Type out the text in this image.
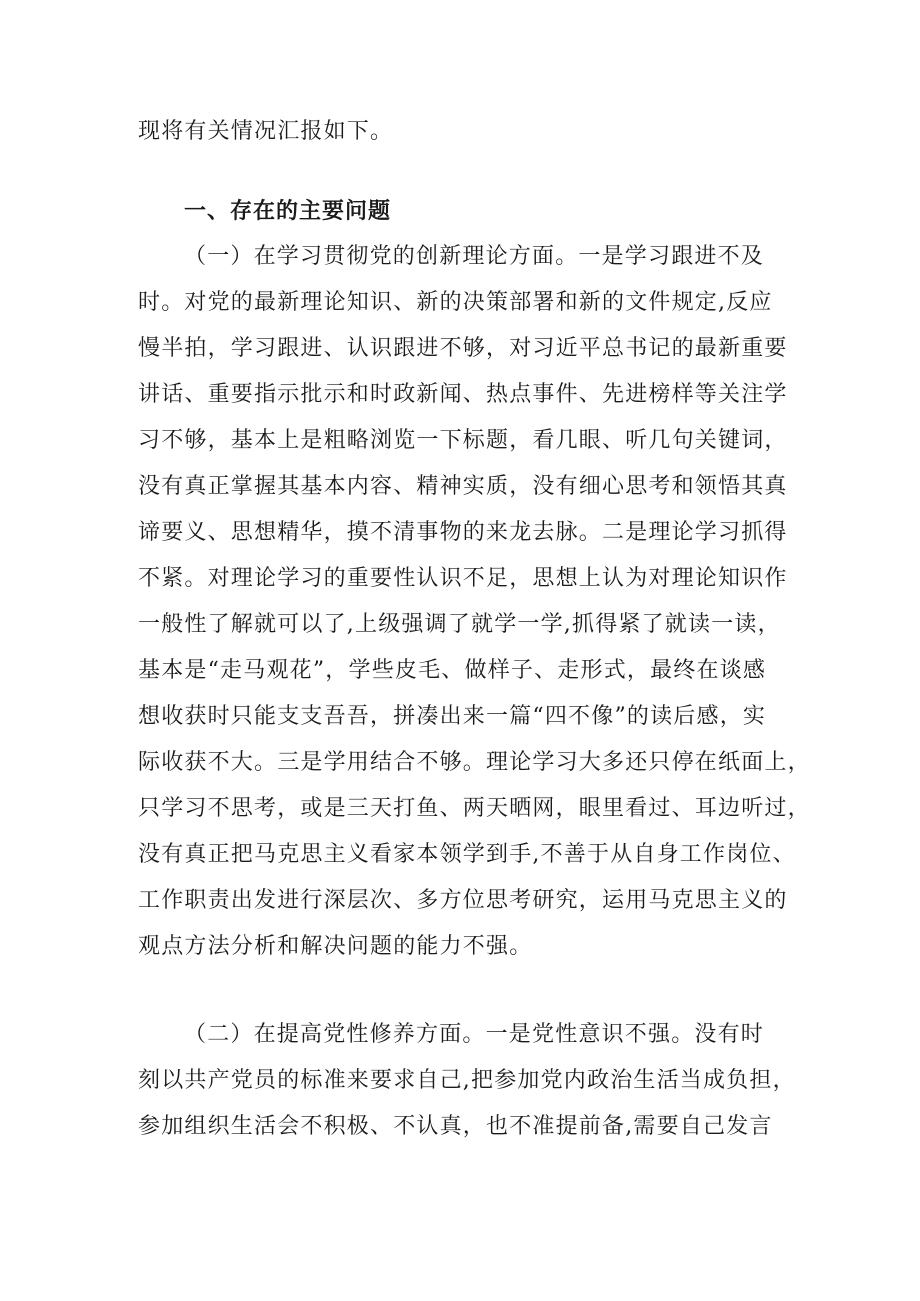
现将有关情况汇报如下。
一、存在的主要问题
（一）在学习贯彻党的创新理论方面。一是学习跟进不及
时。对党的最新理论知识、新的决策部署和新的文件规定,反应
慢半拍，学习跟进、认识跟进不够，对习近平总书记的最新重要
讲话、重要指示批示和时政新闻、热点事件、先进榜样等关注学
习不够，基本上是粗略浏览一下标题，看几眼、听几句关键词，
没有真正掌握其基本内容、精神实质，没有细心思考和领悟其真
谛要义、思想精华，摸不清事物的来龙去脉。二是理论学习抓得
不紧。对理论学习的重要性认识不足，思想上认为对理论知识作
一般性了解就可以了,上级强调了就学一学,抓得紧了就读一读，
基本是“走马观花”，学些皮毛、做样子、走形式，最终在谈感
想收获时只能支支吾吾，拼凑出来一篇“四不像”的读后感，实
际收获不大。三是学用结合不够。理论学习大多还只停在纸面上，
只学习不思考，或是三天打鱼、两天晒网，眼里看过、耳边听过，
没有真正把马克思主义看家本领学到手,不善于从自身工作岗位、
工作职责出发进行深层次、多方位思考研究，运用马克思主义的
观点方法分析和解决问题的能力不强。
（二）在提高党性修养方面。一是党性意识不强。没有时
刻以共产党员的标准来要求自己,把参加党内政治生活当成负担，
参加组织生活会不积极、不认真，也不准提前备,需要自己发言
